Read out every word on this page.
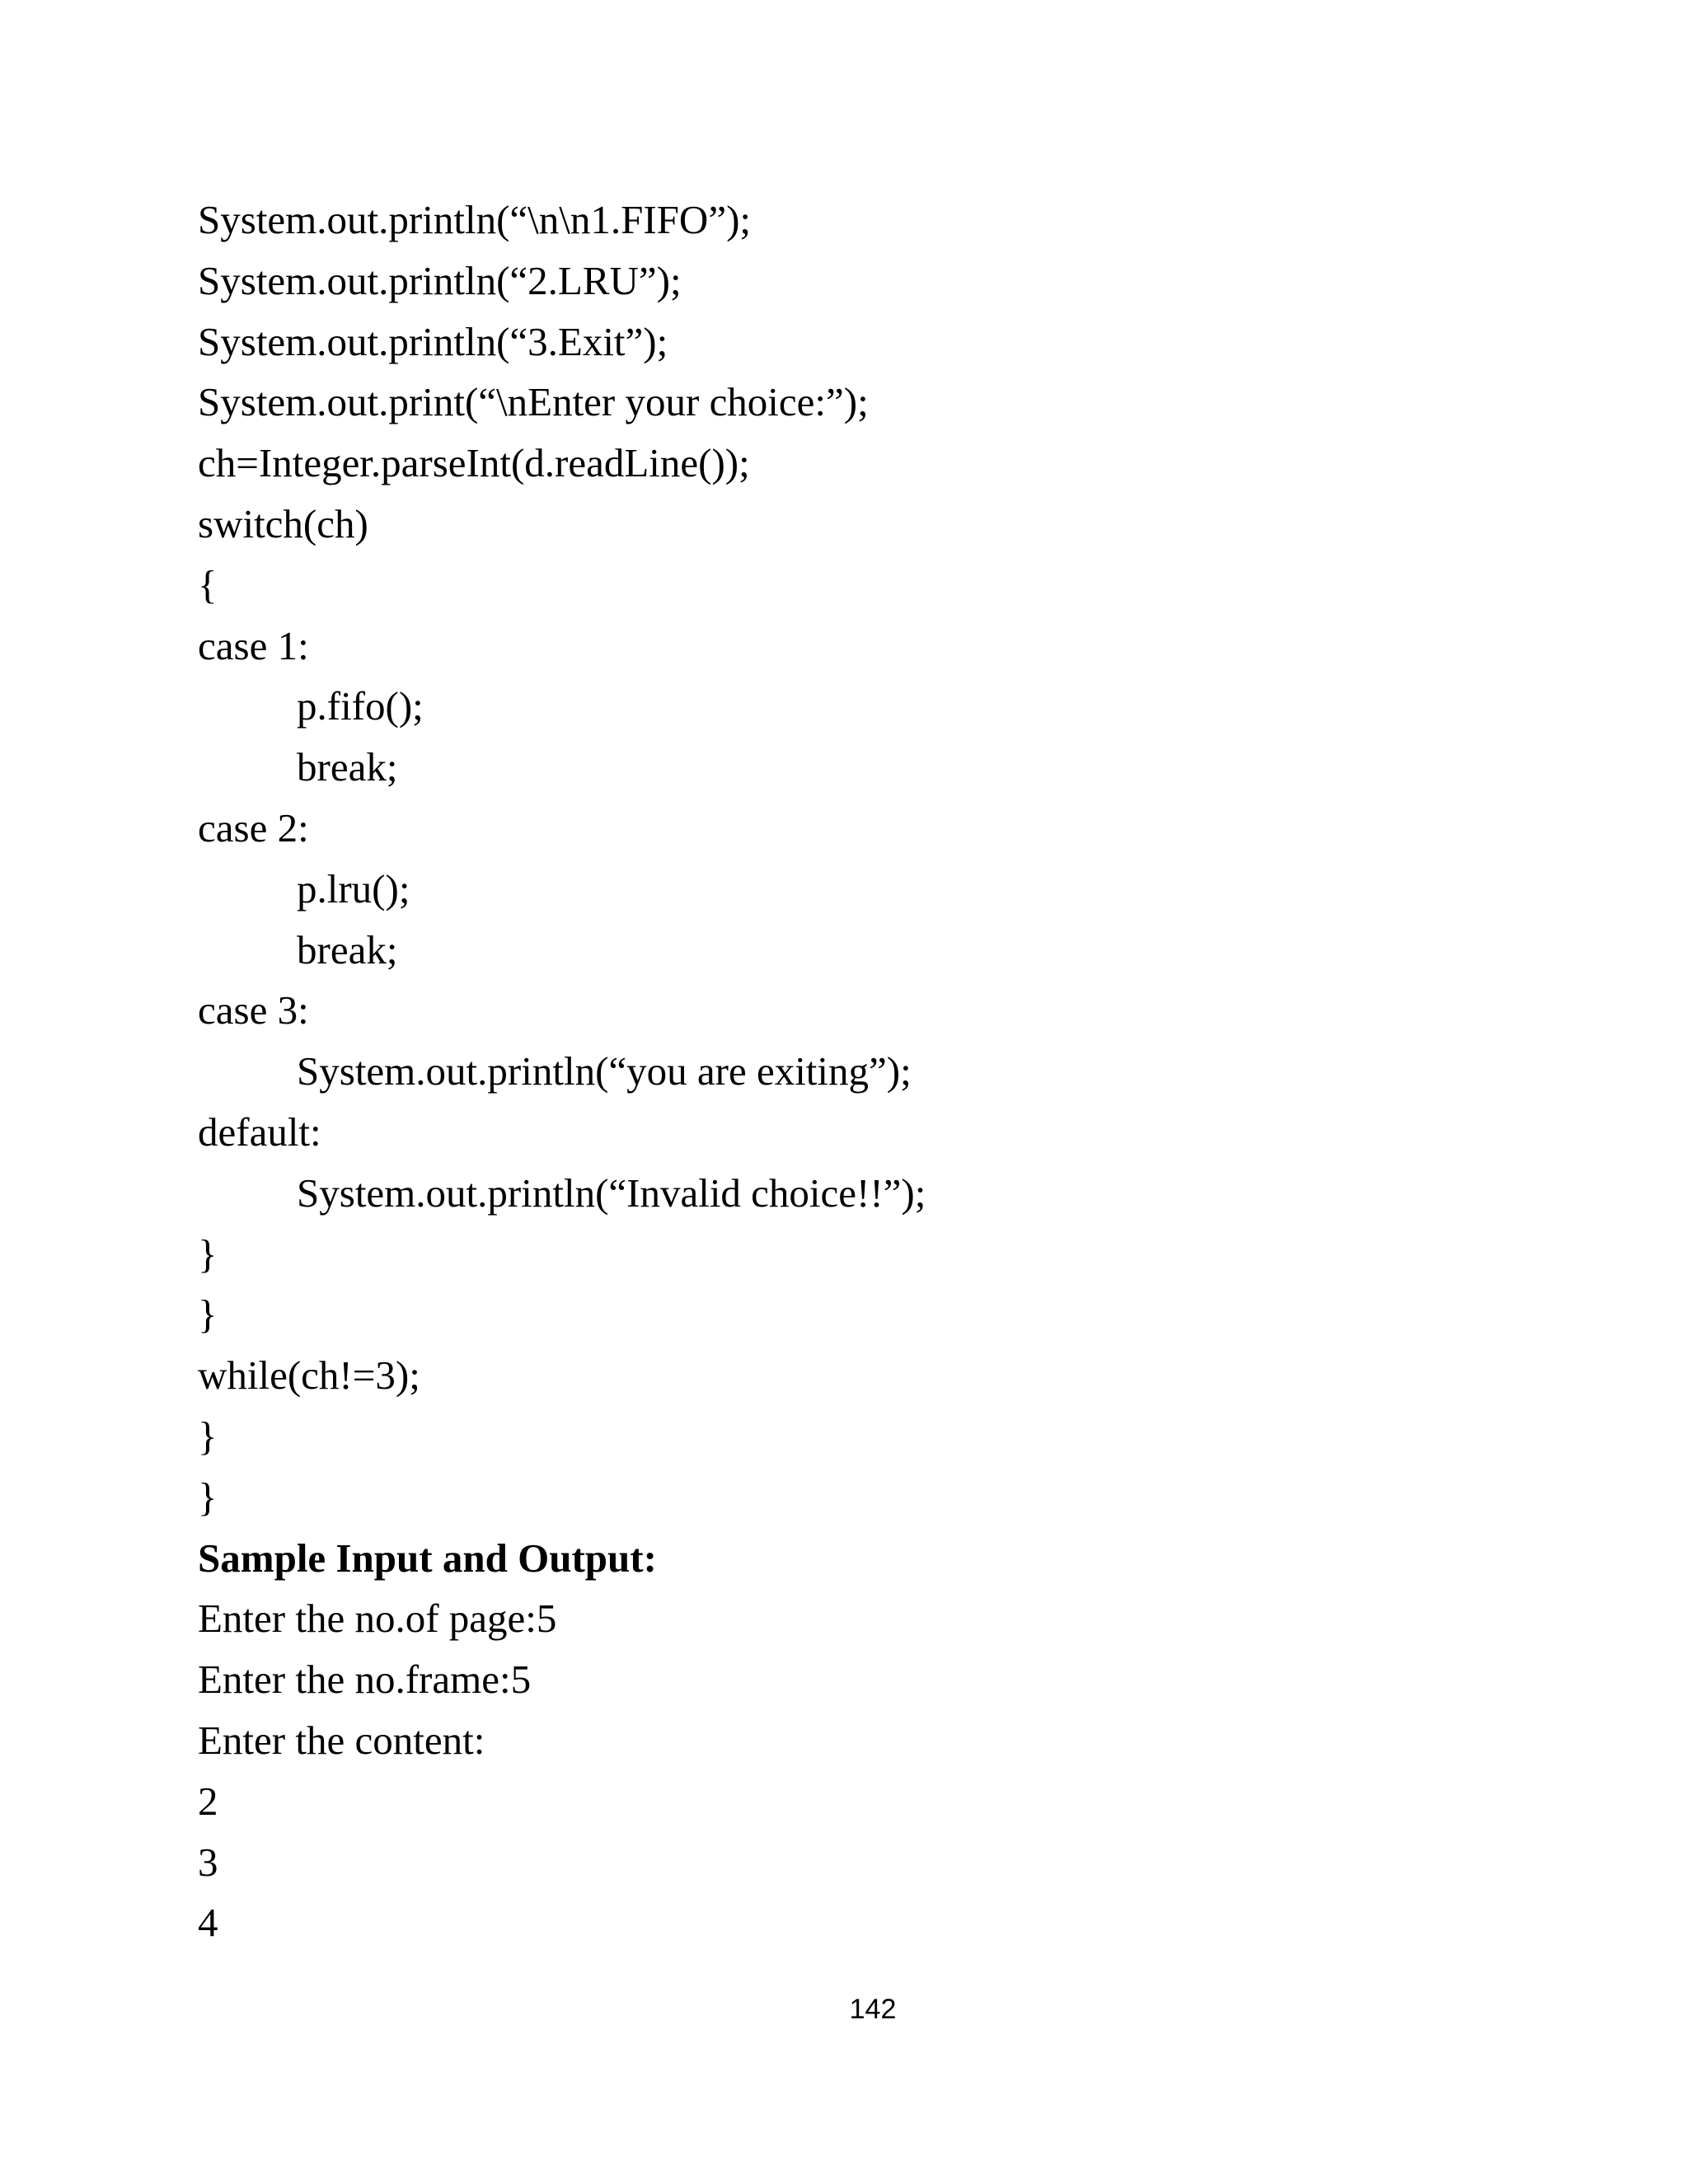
System.out.println(“\n\n1.FIFO”);
System.out.println(“2.LRU”);
System.out.println(“3.Exit”);
System.out.print(“\nEnter your choice:”);
ch=Integer.parseInt(d.readLine());
switch(ch)
{
case 1:
p.fifo();
break;
case 2:
p.lru();
break;
case 3:
System.out.println(“you are exiting”);
default:
System.out.println(“Invalid choice!!”);
}
}
while(ch!=3);
}
}
Sample Input and Output:
Enter the no.of page:5
Enter the no.frame:5
Enter the content:
2
3
4
142
